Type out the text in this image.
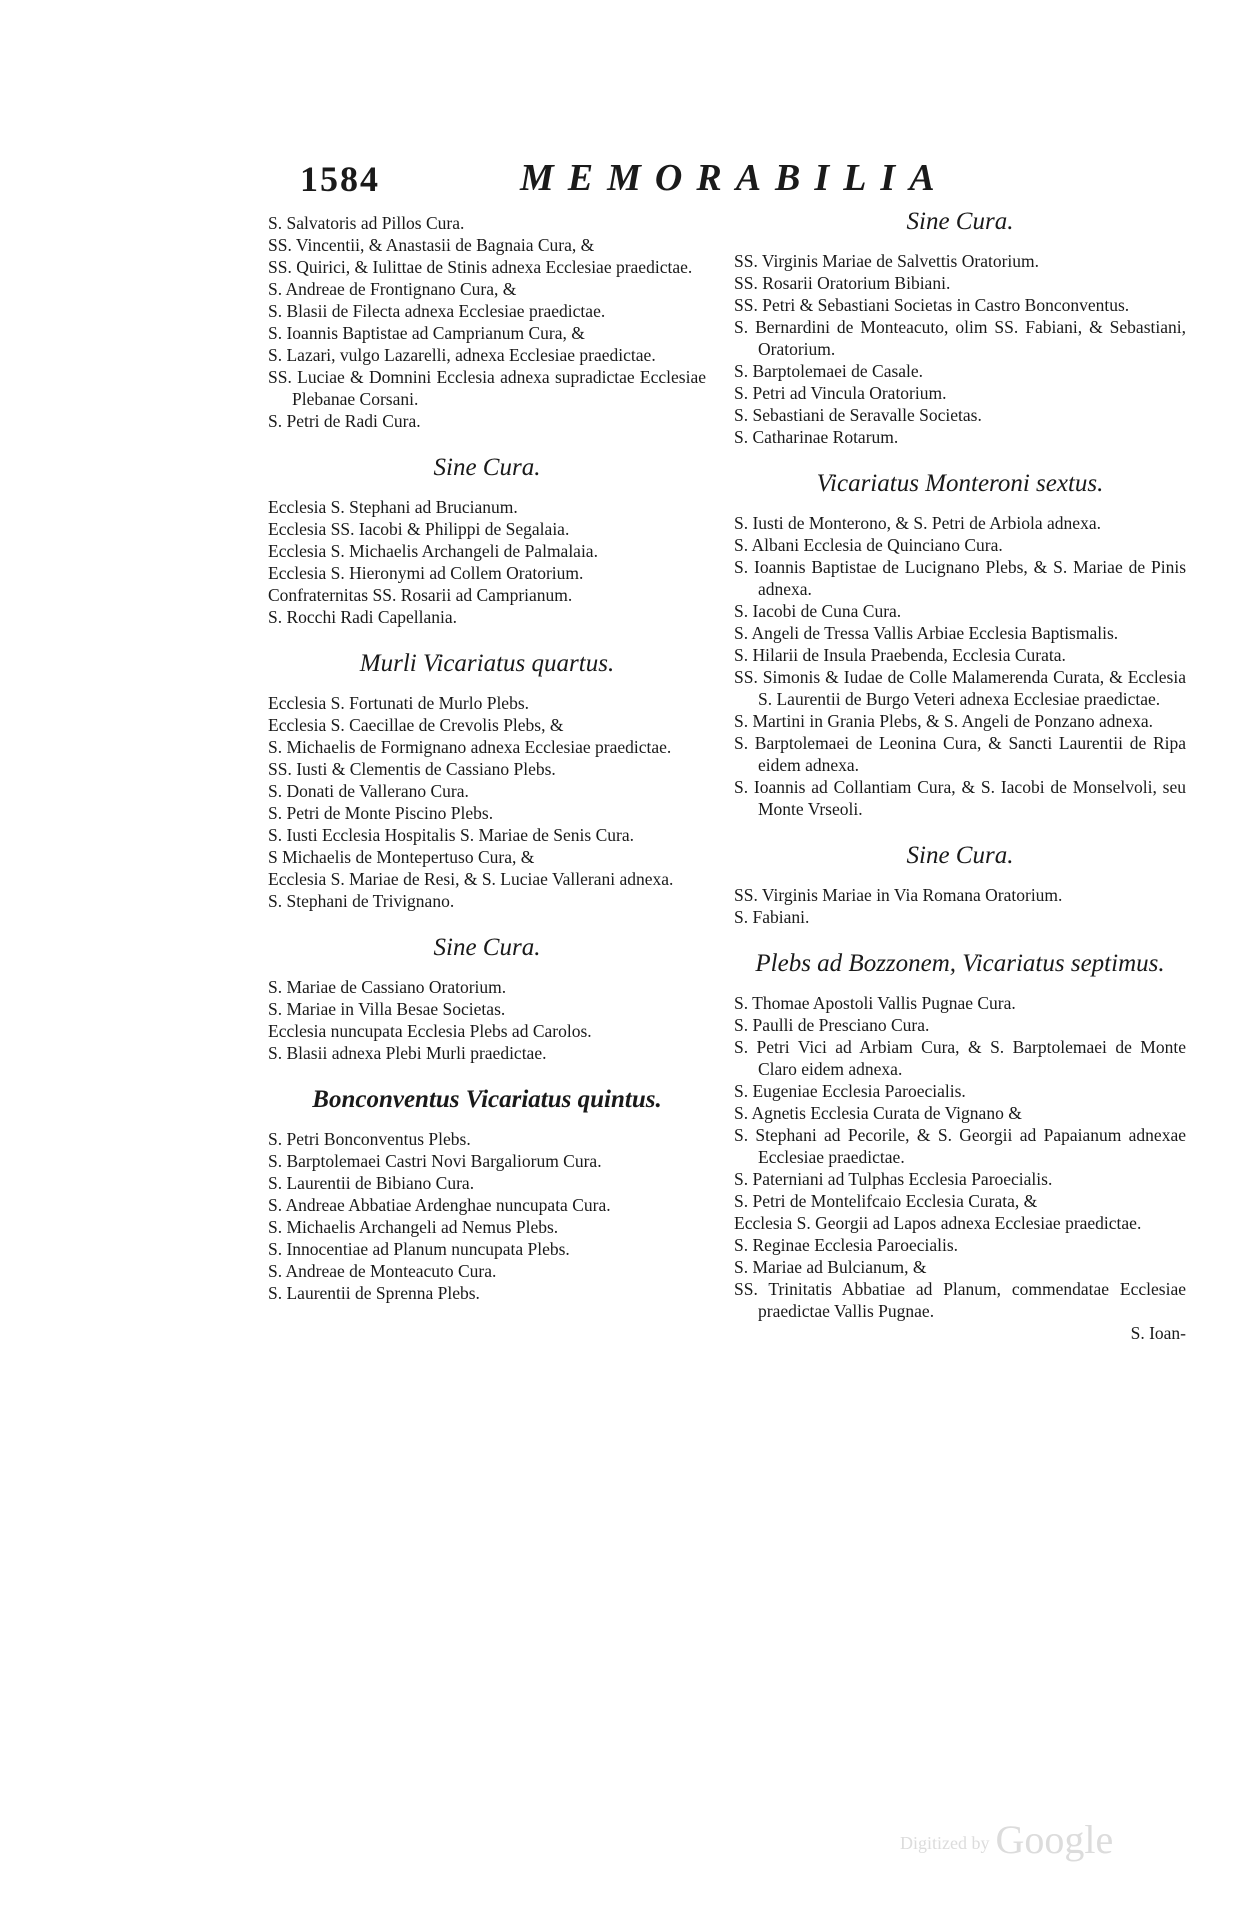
1584	MEMORABILIA

S. Salvatoris ad Pillos Cura.

SS. Vincentii, & Anastasii de Bagnaia Cura, &

SS. Quirici, & Iulittae de Stinis adnexa Ecclesiae praedictae.

S. Andreae de Frontignano Cura, &

S. Blasii de Filecta adnexa Ecclesiae praedictae.

S. Ioannis Baptistae ad Camprianum Cura, &

S. Lazari, vulgo Lazarelli, adnexa Ecclesiae praedictae.

SS. Luciae & Domnini Ecclesia adnexa supradictae Ecclesiae Plebanae Corsani.

S. Petri de Radi Cura.

Sine Cura.

Ecclesia S. Stephani ad Brucianum.

Ecclesia SS. Iacobi & Philippi de Segalaia.

Ecclesia S. Michaelis Archangeli de Palmalaia.

Ecclesia S. Hieronymi ad Collem Oratorium.

Confraternitas SS. Rosarii ad Camprianum.

S. Rocchi Radi Capellania.

Murli Vicariatus quartus.

Ecclesia S. Fortunati de Murlo Plebs.

Ecclesia S. Caecillae de Crevolis Plebs, &

S. Michaelis de Formignano adnexa Ecclesiae praedictae.

SS. Iusti & Clementis de Cassiano Plebs.

S. Donati de Vallerano Cura.

S. Petri de Monte Piscino Plebs.

S. Iusti Ecclesia Hospitalis S. Mariae de Senis Cura.

S Michaelis de Montepertuso Cura, &

Ecclesia S. Mariae de Resi, & S. Luciae Vallerani adnexa.

S. Stephani de Trivignano.

Sine Cura.

S. Mariae de Cassiano Oratorium.

S. Mariae in Villa Besae Societas.

Ecclesia nuncupata Ecclesia Plebs ad Carolos.

S. Blasii adnexa Plebi Murli praedictae.

Bonconventus Vicariatus quintus.

S. Petri Bonconventus Plebs.

S. Barptolemaei Castri Novi Bargaliorum Cura.

S. Laurentii de Bibiano Cura.

S. Andreae Abbatiae Ardenghae nuncupata Cura.

S. Michaelis Archangeli ad Nemus Plebs.

S. Innocentiae ad Planum nuncupata Plebs.

S. Andreae de Monteacuto Cura.

S. Laurentii de Sprenna Plebs.

Sine Cura.

SS. Virginis Mariae de Salvettis Oratorium.

SS. Rosarii Oratorium Bibiani.

SS. Petri & Sebastiani Societas in Castro Bonconventus.

S. Bernardini de Monteacuto, olim SS. Fabiani, & Sebastiani, Oratorium.

S. Barptolemaei de Casale.

S. Petri ad Vincula Oratorium.

S. Sebastiani de Seravalle Societas.

S. Catharinae Rotarum.

Vicariatus Monteroni sextus.

S. Iusti de Monterono, & S. Petri de Arbiola adnexa.

S. Albani Ecclesia de Quinciano Cura.

S. Ioannis Baptistae de Lucignano Plebs, & S. Mariae de Pinis adnexa.

S. Iacobi de Cuna Cura.

S. Angeli de Tressa Vallis Arbiae Ecclesia Baptismalis.

S. Hilarii de Insula Praebenda, Ecclesia Curata.

SS. Simonis & Iudae de Colle Malamerenda Curata, & Ecclesia S. Laurentii de Burgo Veteri adnexa Ecclesiae praedictae.

S. Martini in Grania Plebs, & S. Angeli de Ponzano adnexa.

S. Barptolemaei de Leonina Cura, & Sancti Laurentii de Ripa eidem adnexa.

S. Ioannis ad Collantiam Cura, & S. Iacobi de Monselvoli, seu Monte Vrseoli.

Sine Cura.

SS. Virginis Mariae in Via Romana Oratorium.

S. Fabiani.

Plebs ad Bozzonem, Vicariatus septimus.

S. Thomae Apostoli Vallis Pugnae Cura.

S. Paulli de Presciano Cura.

S. Petri Vici ad Arbiam Cura, & S. Barptolemaei de Monte Claro eidem adnexa.

S. Eugeniae Ecclesia Paroecialis.

S. Agnetis Ecclesia Curata de Vignano &

S. Stephani ad Pecorile, & S. Georgii ad Papaianum adnexae Ecclesiae praedictae.

S. Paterniani ad Tulphas Ecclesia Paroecialis.

S. Petri de Montelifcaio Ecclesia Curata, &

Ecclesia S. Georgii ad Lapos adnexa Ecclesiae praedictae.

S. Reginae Ecclesia Paroecialis.

S. Mariae ad Bulcianum, &

SS. Trinitatis Abbatiae ad Planum, commendatae Ecclesiae praedictae Vallis Pugnae.

S. Ioan-

Digitized by Google
